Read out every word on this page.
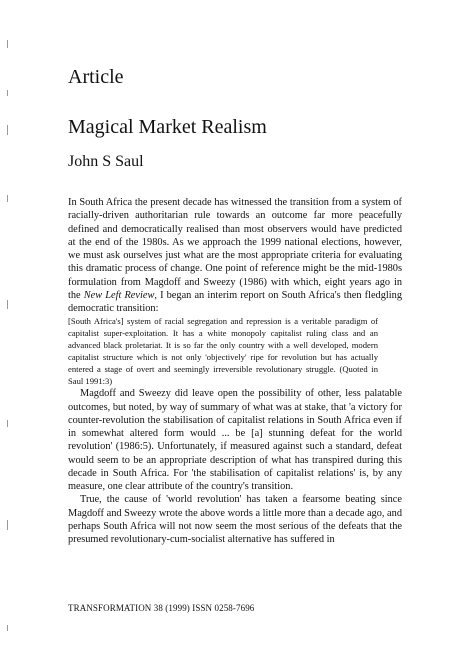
Article
Magical Market Realism
John S Saul

In South Africa the present decade has witnessed the transition from a system of racially-driven authoritarian rule towards an outcome far more peacefully defined and democratically realised than most observers would have predicted at the end of the 1980s. As we approach the 1999 national elections, however, we must ask ourselves just what are the most appropriate criteria for evaluating this dramatic process of change. One point of reference might be the mid-1980s formulation from Magdoff and Sweezy (1986) with which, eight years ago in the New Left Review, I began an interim report on South Africa's then fledgling democratic transition:

[South Africa's] system of racial segregation and repression is a veritable paradigm of capitalist super-exploitation. It has a white monopoly capitalist ruling class and an advanced black proletariat. It is so far the only country with a well developed, modern capitalist structure which is not only 'objectively' ripe for revolution but has actually entered a stage of overt and seemingly irreversible revolutionary struggle. (Quoted in Saul 1991:3)

Magdoff and Sweezy did leave open the possibility of other, less palatable outcomes, but noted, by way of summary of what was at stake, that 'a victory for counter-revolution the stabilisation of capitalist relations in South Africa even if in somewhat altered form would ... be [a] stunning defeat for the world revolution' (1986:5). Unfortunately, if measured against such a standard, defeat would seem to be an appropriate description of what has transpired during this decade in South Africa. For 'the stabilisation of capitalist relations' is, by any measure, one clear attribute of the country's transition.

True, the cause of 'world revolution' has taken a fearsome beating since Magdoff and Sweezy wrote the above words a little more than a decade ago, and perhaps South Africa will not now seem the most serious of the defeats that the presumed revolutionary-cum-socialist alternative has suffered in

TRANSFORMATION 38 (1999) ISSN 0258-7696
